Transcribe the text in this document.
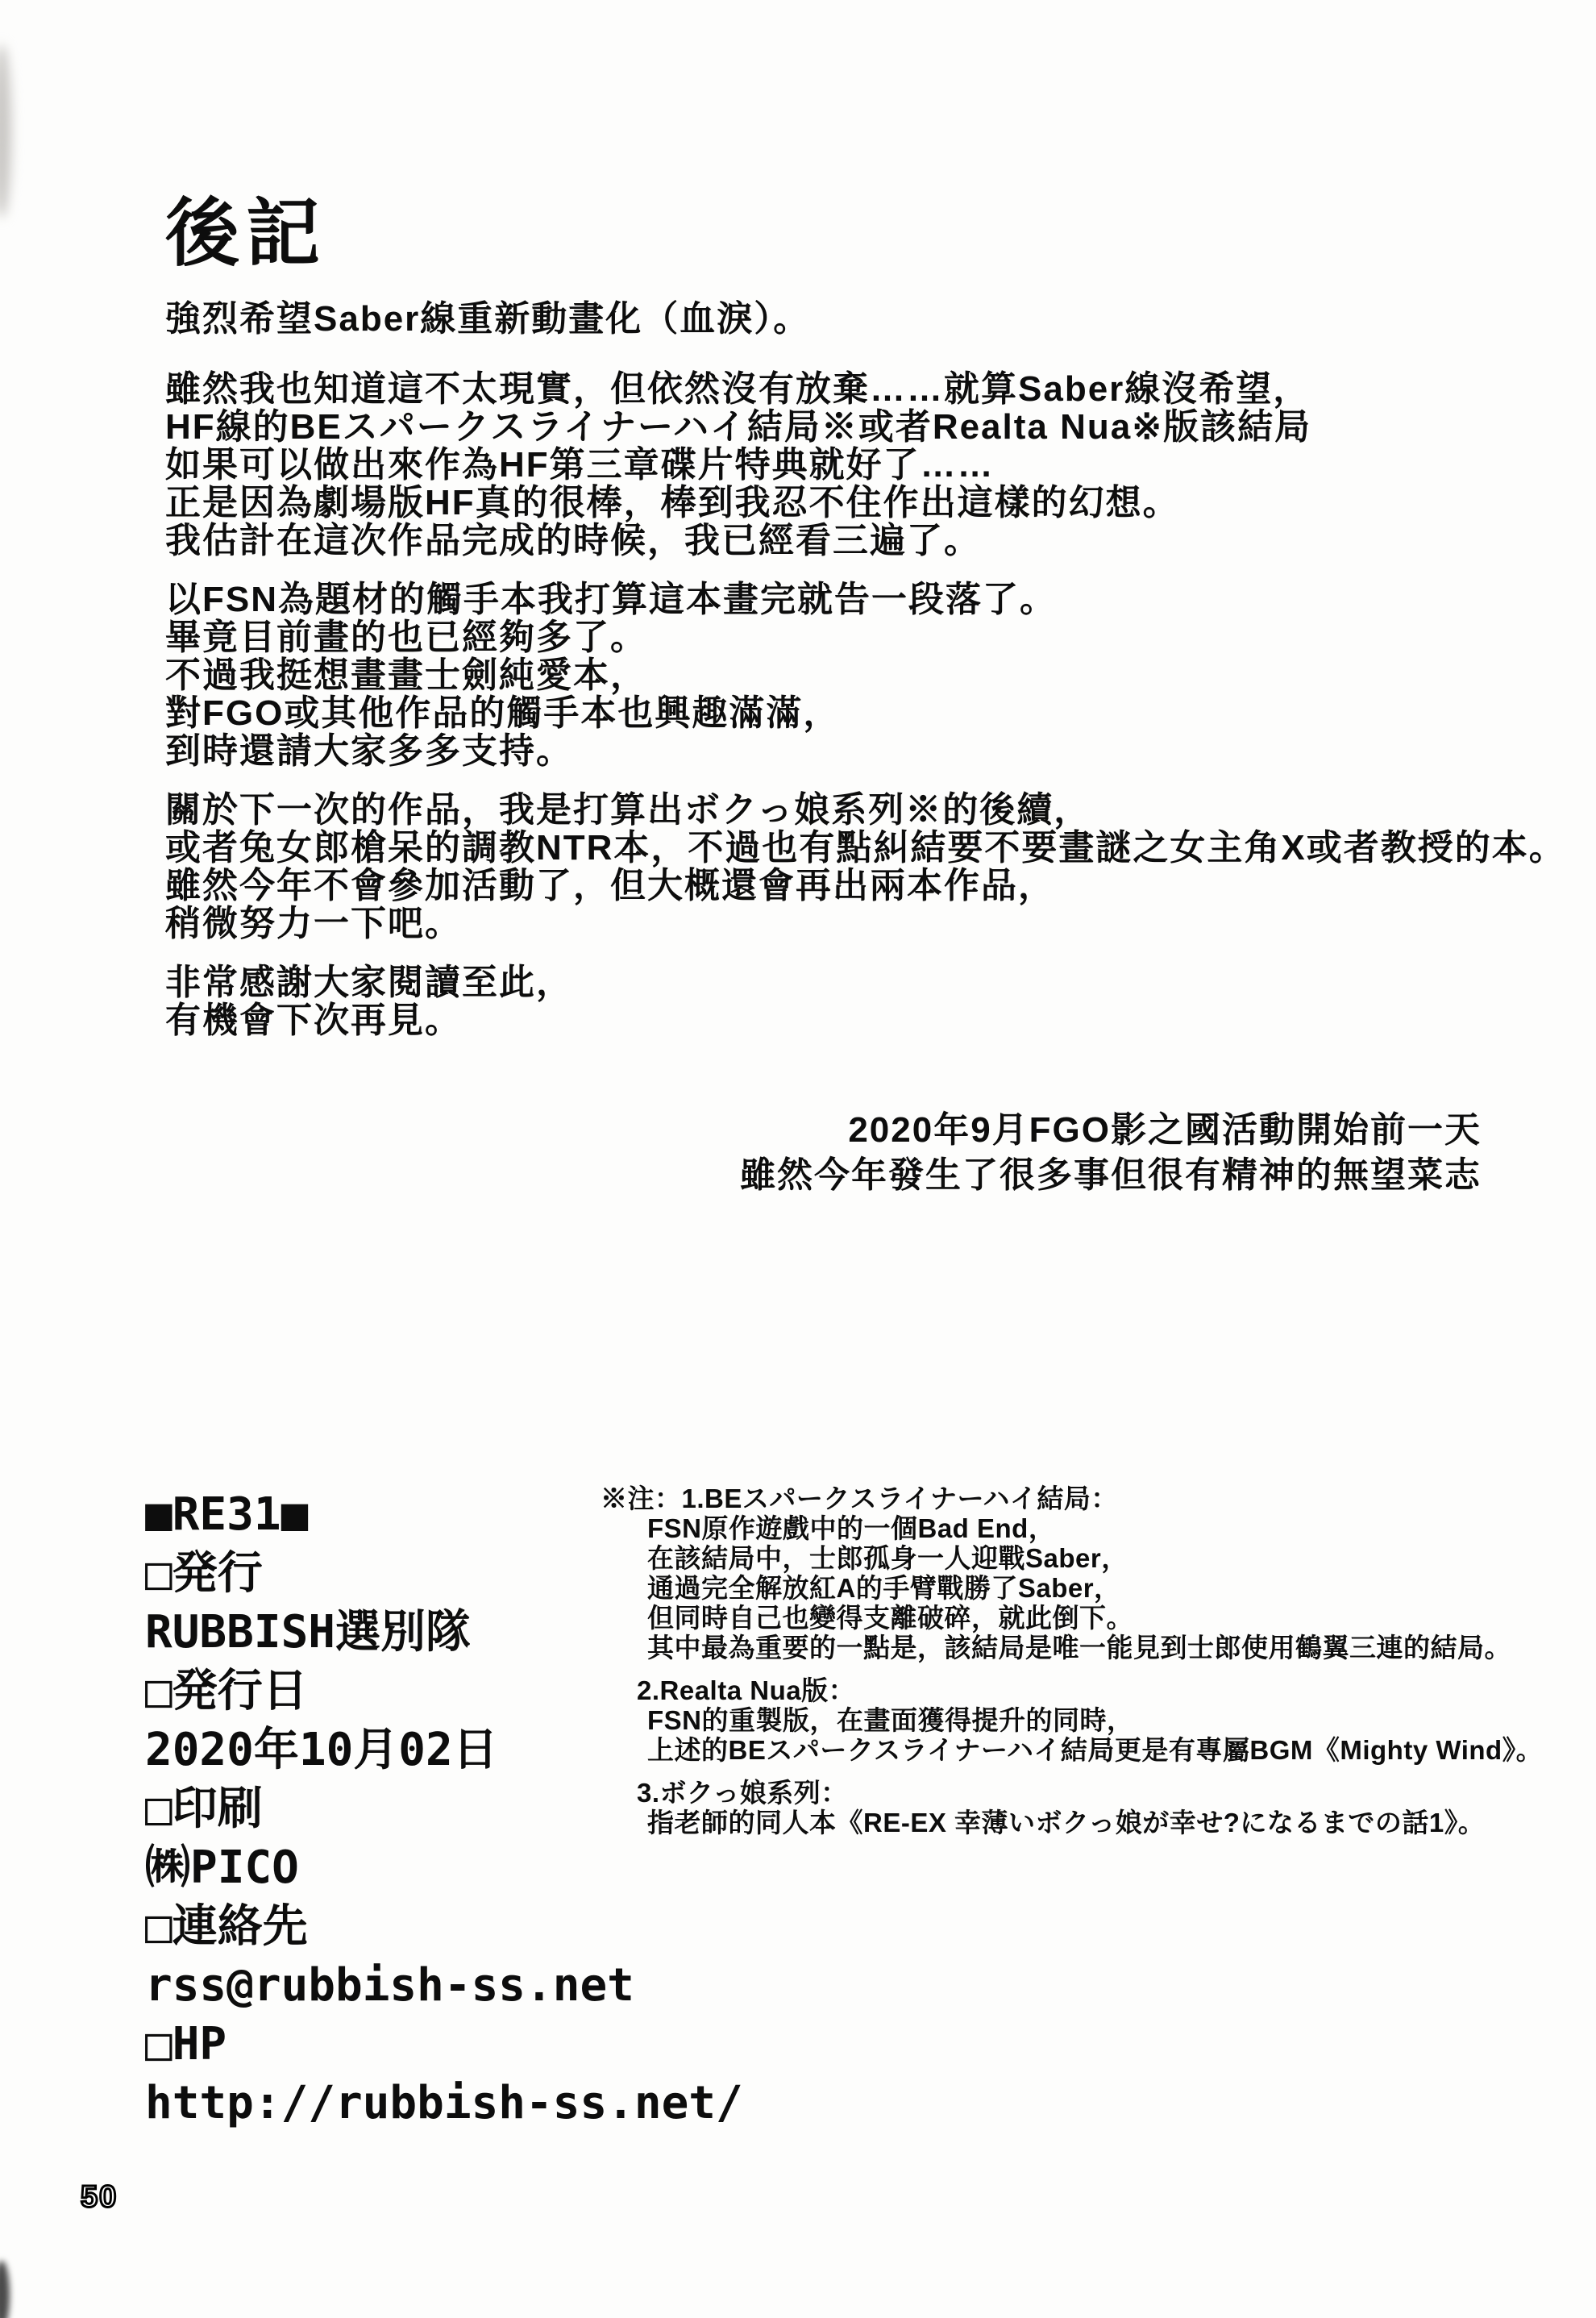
後記
強烈希望Saber線重新動畫化（血淚）。
雖然我也知道這不太現實，但依然沒有放棄……就算Saber線沒希望，
HF線的BEスパークスライナーハイ結局※或者Realta Nua※版該結局
如果可以做出來作為HF第三章碟片特典就好了……
正是因為劇場版HF真的很棒，棒到我忍不住作出這樣的幻想。
我估計在這次作品完成的時候，我已經看三遍了。
以FSN為題材的觸手本我打算這本畫完就告一段落了。
畢竟目前畫的也已經夠多了。
不過我挺想畫畫士劍純愛本，
對FGO或其他作品的觸手本也興趣滿滿，
到時還請大家多多支持。
關於下一次的作品，我是打算出ボクっ娘系列※的後續，
或者兔女郎槍呆的調教NTR本，不過也有點糾結要不要畫謎之女主角X或者教授的本。
雖然今年不會參加活動了，但大概還會再出兩本作品，
稍微努力一下吧。
非常感謝大家閱讀至此，
有機會下次再見。
2020年9月FGO影之國活動開始前一天
雖然今年發生了很多事但很有精神的無望菜志
■RE31■
□発行
RUBBISH選別隊
□発行日
2020年10月02日
□印刷
㈱PICO
□連絡先
rss@rubbish-ss.net
□HP
http://rubbish-ss.net/
※注：1.BEスパークスライナーハイ結局：
FSN原作遊戲中的一個Bad End，
在該結局中，士郎孤身一人迎戰Saber，
通過完全解放紅A的手臂戰勝了Saber，
但同時自己也變得支離破碎，就此倒下。
其中最為重要的一點是，該結局是唯一能見到士郎使用鶴翼三連的結局。
2.Realta Nua版：
FSN的重製版，在畫面獲得提升的同時，
上述的BEスパークスライナーハイ結局更是有專屬BGM《Mighty Wind》。
3.ボクっ娘系列：
指老師的同人本《RE-EX 幸薄いボクっ娘が幸せ?になるまでの話1》。
50
